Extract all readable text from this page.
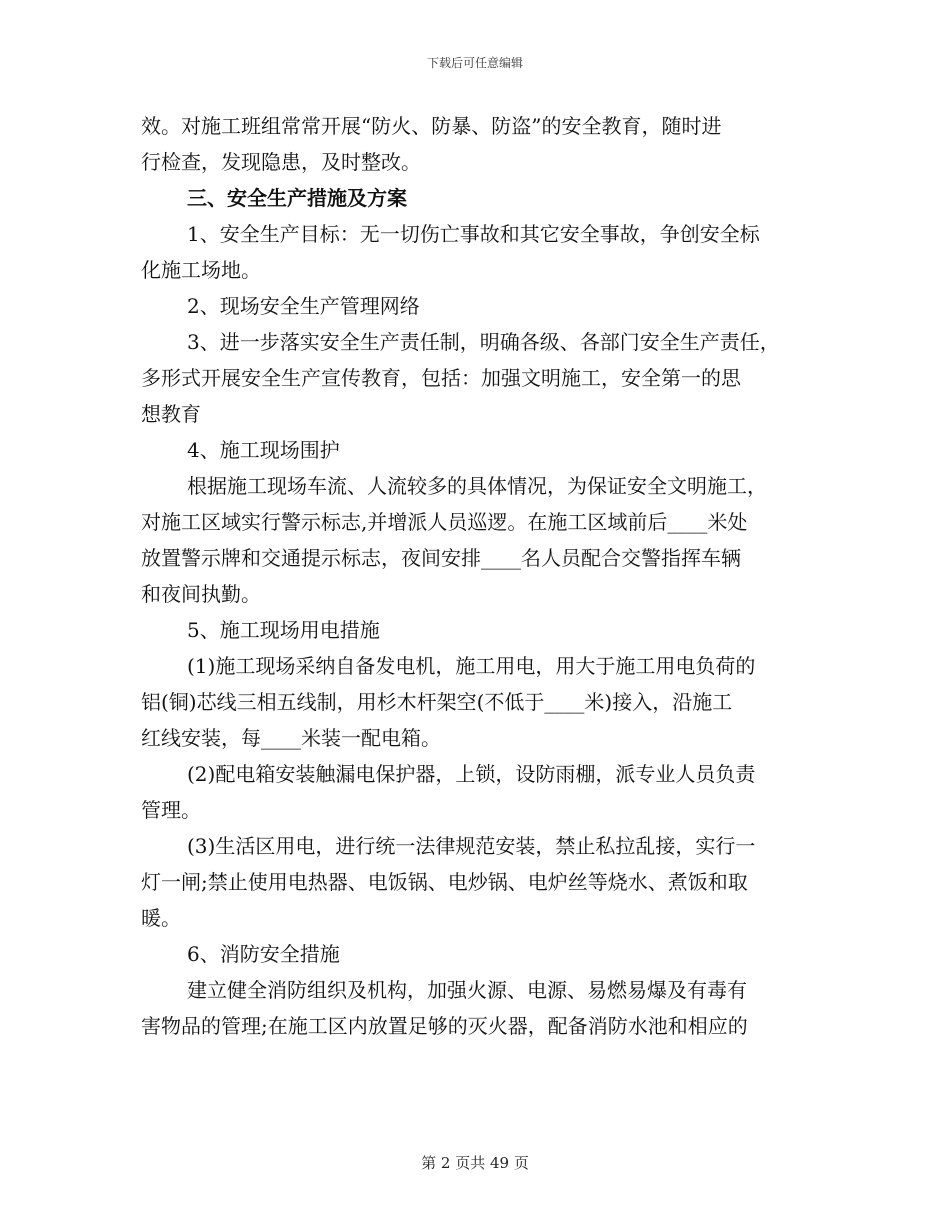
下载后可任意编辑
效。对施工班组常常开展“防火、防暴、防盗”的安全教育，随时进
行检查，发现隐患，及时整改。
三、安全生产措施及方案
1、安全生产目标：无一切伤亡事故和其它安全事故，争创安全标
化施工场地。
2、现场安全生产管理网络
3、进一步落实安全生产责任制，明确各级、各部门安全生产责任，
多形式开展安全生产宣传教育，包括：加强文明施工，安全第一的思
想教育
4、施工现场围护
根据施工现场车流、人流较多的具体情况，为保证安全文明施工，
对施工区域实行警示标志,并增派人员巡逻。在施工区域前后____米处
放置警示牌和交通提示标志，夜间安排____名人员配合交警指挥车辆
和夜间执勤。
5、施工现场用电措施
(1)施工现场采纳自备发电机，施工用电，用大于施工用电负荷的
铝(铜)芯线三相五线制，用杉木杆架空(不低于____米)接入，沿施工
红线安装，每____米装一配电箱。
(2)配电箱安装触漏电保护器，上锁，设防雨棚，派专业人员负责
管理。
(3)生活区用电，进行统一法律规范安装，禁止私拉乱接，实行一
灯一闸;禁止使用电热器、电饭锅、电炒锅、电炉丝等烧水、煮饭和取
暖。
6、消防安全措施
建立健全消防组织及机构，加强火源、电源、易燃易爆及有毒有
害物品的管理;在施工区内放置足够的灭火器，配备消防水池和相应的
第 2 页共 49 页
